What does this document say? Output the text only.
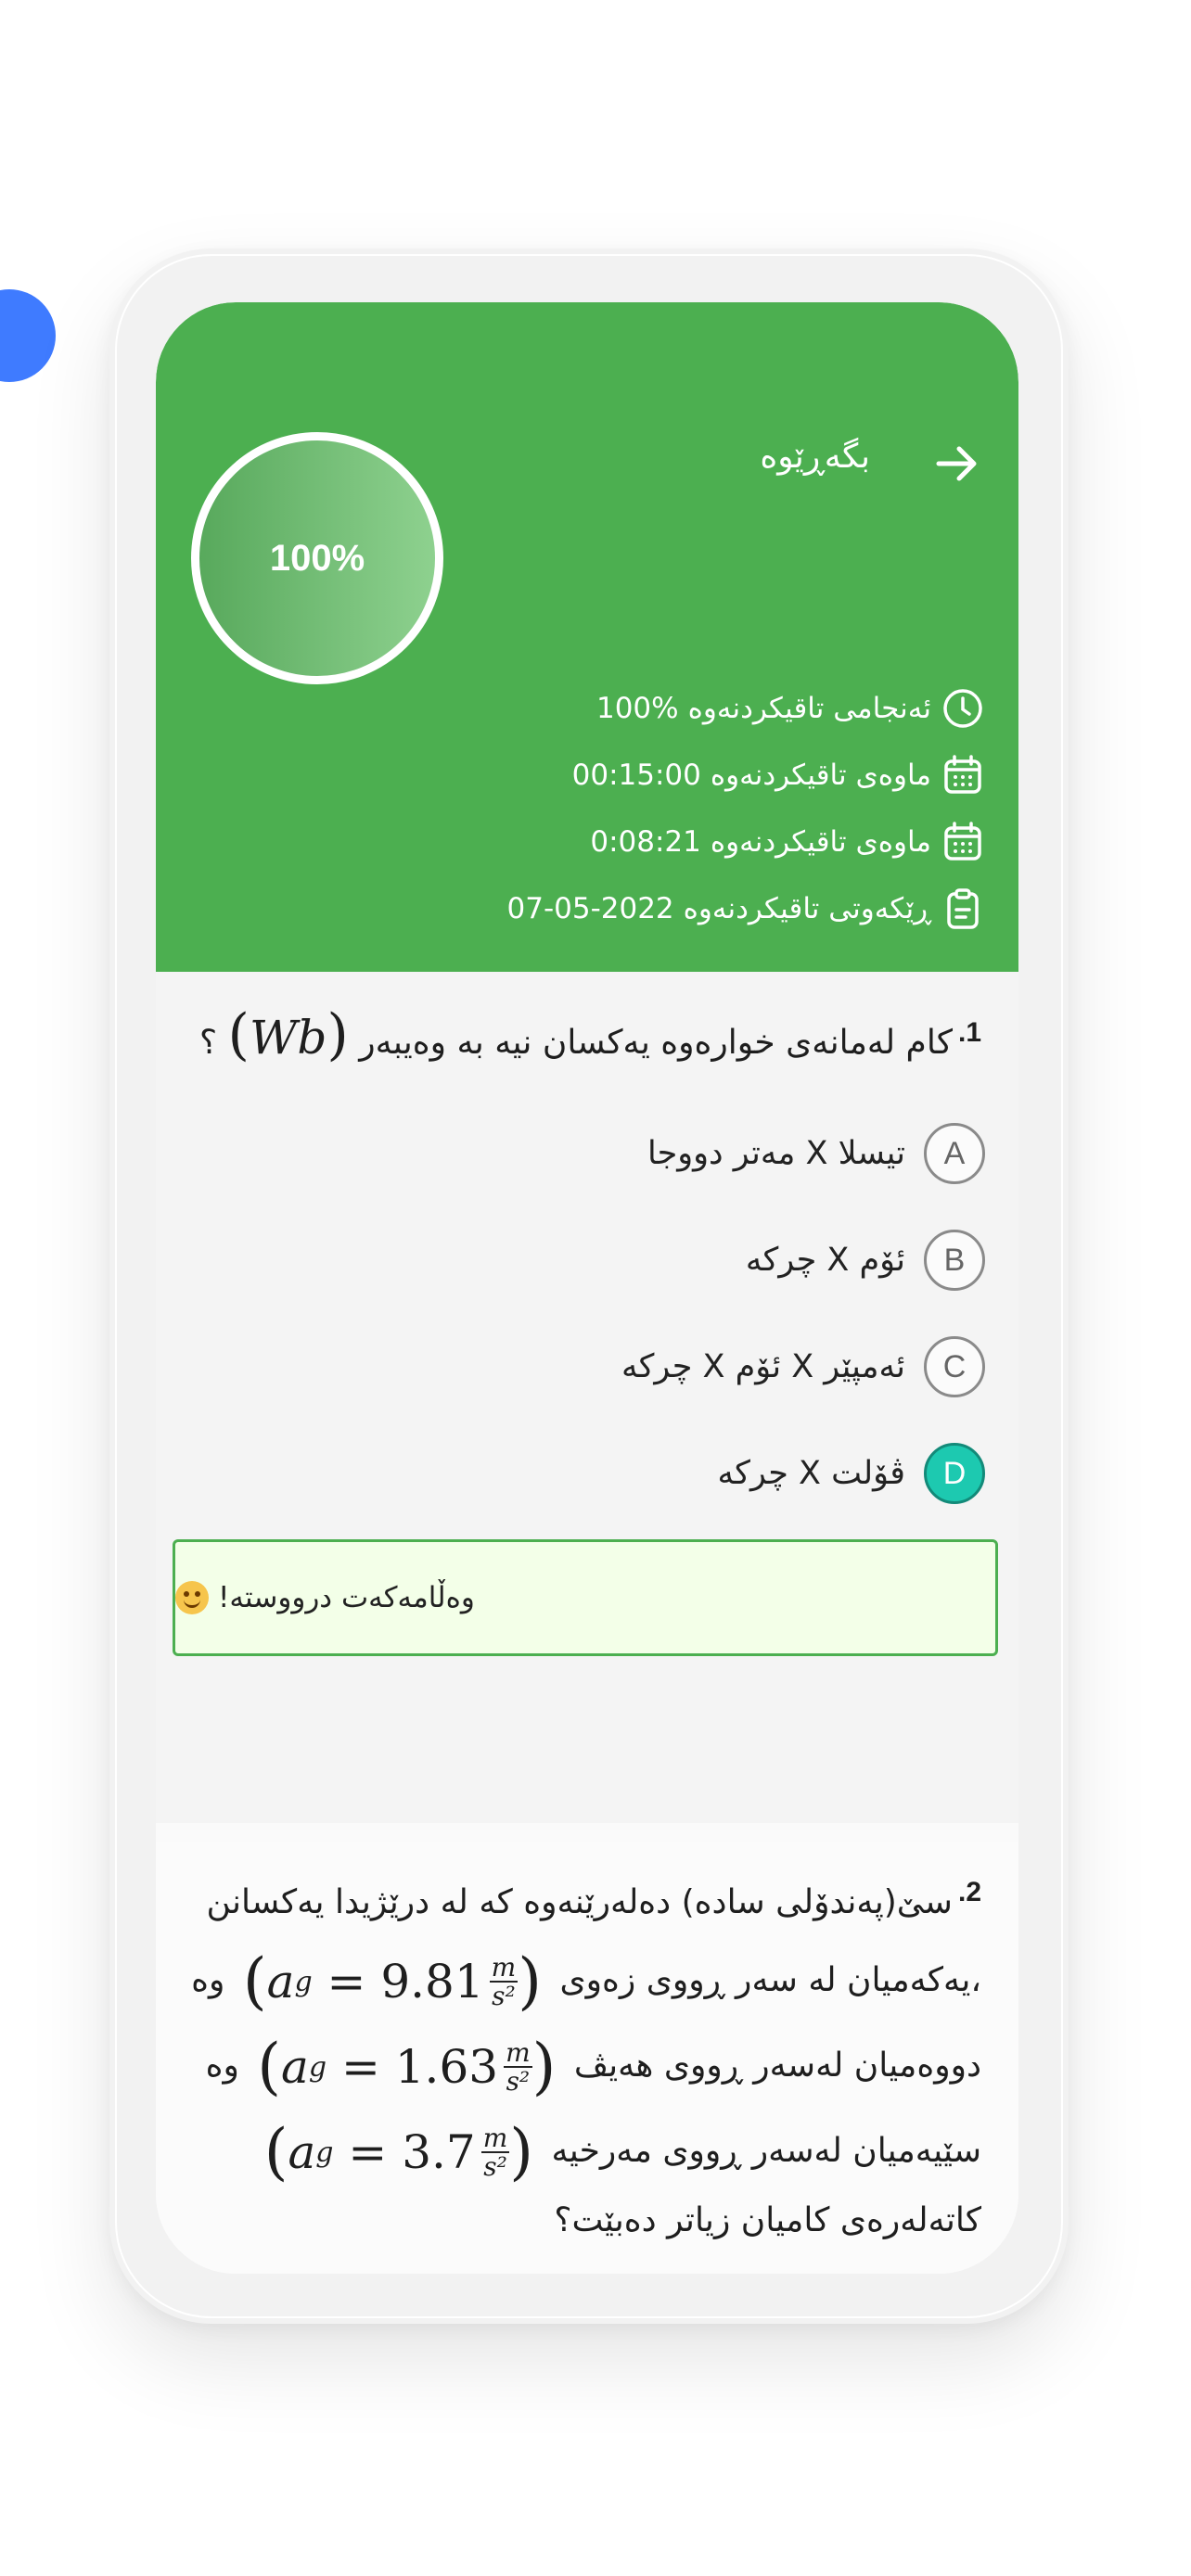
بگەڕێوە
100%
ئەنجامی تاقیکردنەوە
100%
ماوەی تاقیکردنەوە
00:15:00
ماوەی تاقیکردنەوە
0:08:21
ڕێکەوتی تاقیکردنەوە
07-05-2022
$^{1.}$كام لەمانەی خوارەوە یەکسان نیە بە وەیبەر (Wb) ؟
A
تیسلا X مەتر دووجا
B
ئۆم X چرکە
C
ئەمپێر X ئۆم X چرکە
D
ڤۆلت X چرکە
وەڵامەکەت درووستە!
$^{2.}$سێ(پەندۆلی سادە) دەلەرێنەوە کە لە درێژیدا یەکسانن
،یەکەمیان لە سەر ڕووی زەوی
( a $g = 9.81 \frac{m}{\text{s²}}$ )
وە
دووەمیان لەسەر ڕووی هەیڤ
( a $g = 1.63 \frac{m}{\text{s²}}$ )
وە
سێیەمیان لەسەر ڕووی مەرخیە
( a $g = 3.7 \frac{m}{\text{s²}}$ )
کاتەلەرەی کامیان زیاتر دەبێت؟
